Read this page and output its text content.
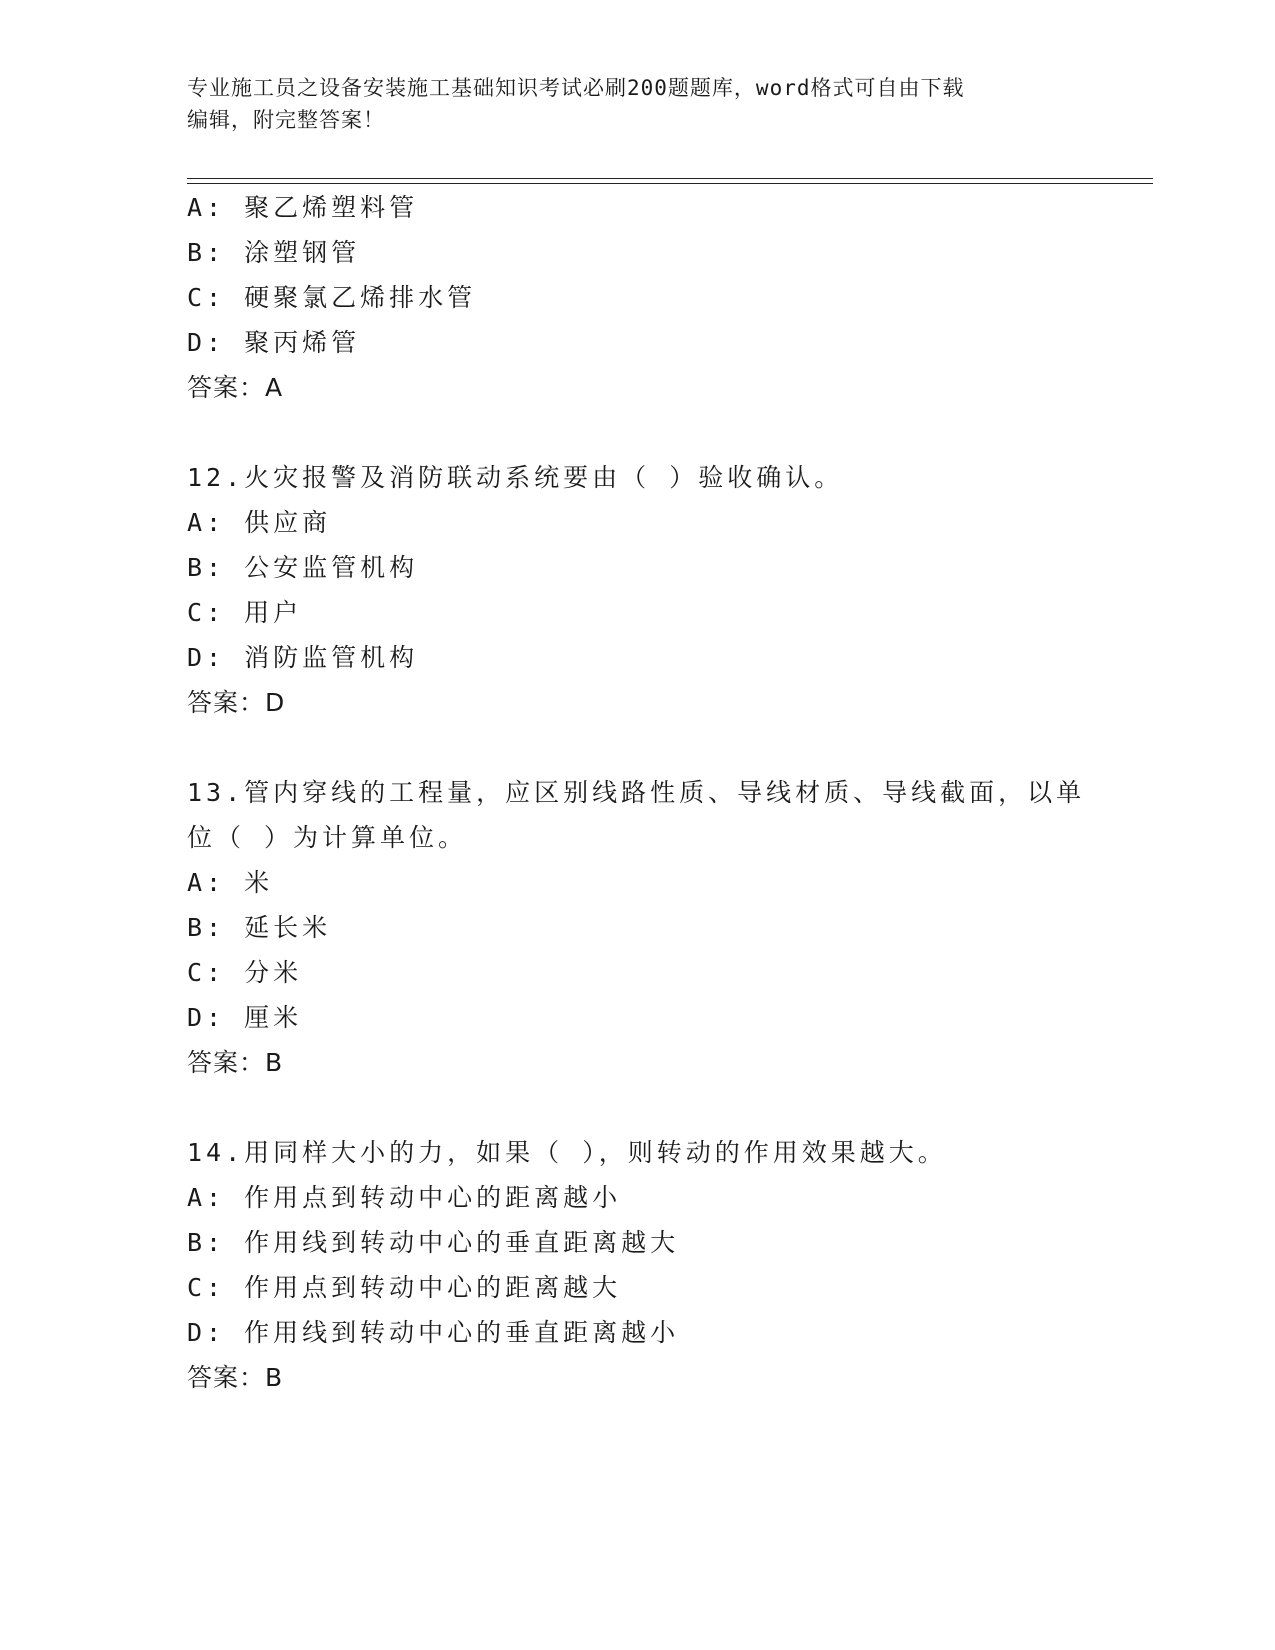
专业施工员之设备安装施工基础知识考试必刷200题题库，word格式可自由下载
编辑，附完整答案！
A: 聚乙烯塑料管
B: 涂塑钢管
C: 硬聚氯乙烯排水管
D: 聚丙烯管
答案：A
12.火灾报警及消防联动系统要由（ ）验收确认。
A: 供应商
B: 公安监管机构
C: 用户
D: 消防监管机构
答案：D
13.管内穿线的工程量，应区别线路性质、导线材质、导线截面，以单
位（ ）为计算单位。
A: 米
B: 延长米
C: 分米
D: 厘米
答案：B
14.用同样大小的力，如果（ ），则转动的作用效果越大。
A: 作用点到转动中心的距离越小
B: 作用线到转动中心的垂直距离越大
C: 作用点到转动中心的距离越大
D: 作用线到转动中心的垂直距离越小
答案：B
